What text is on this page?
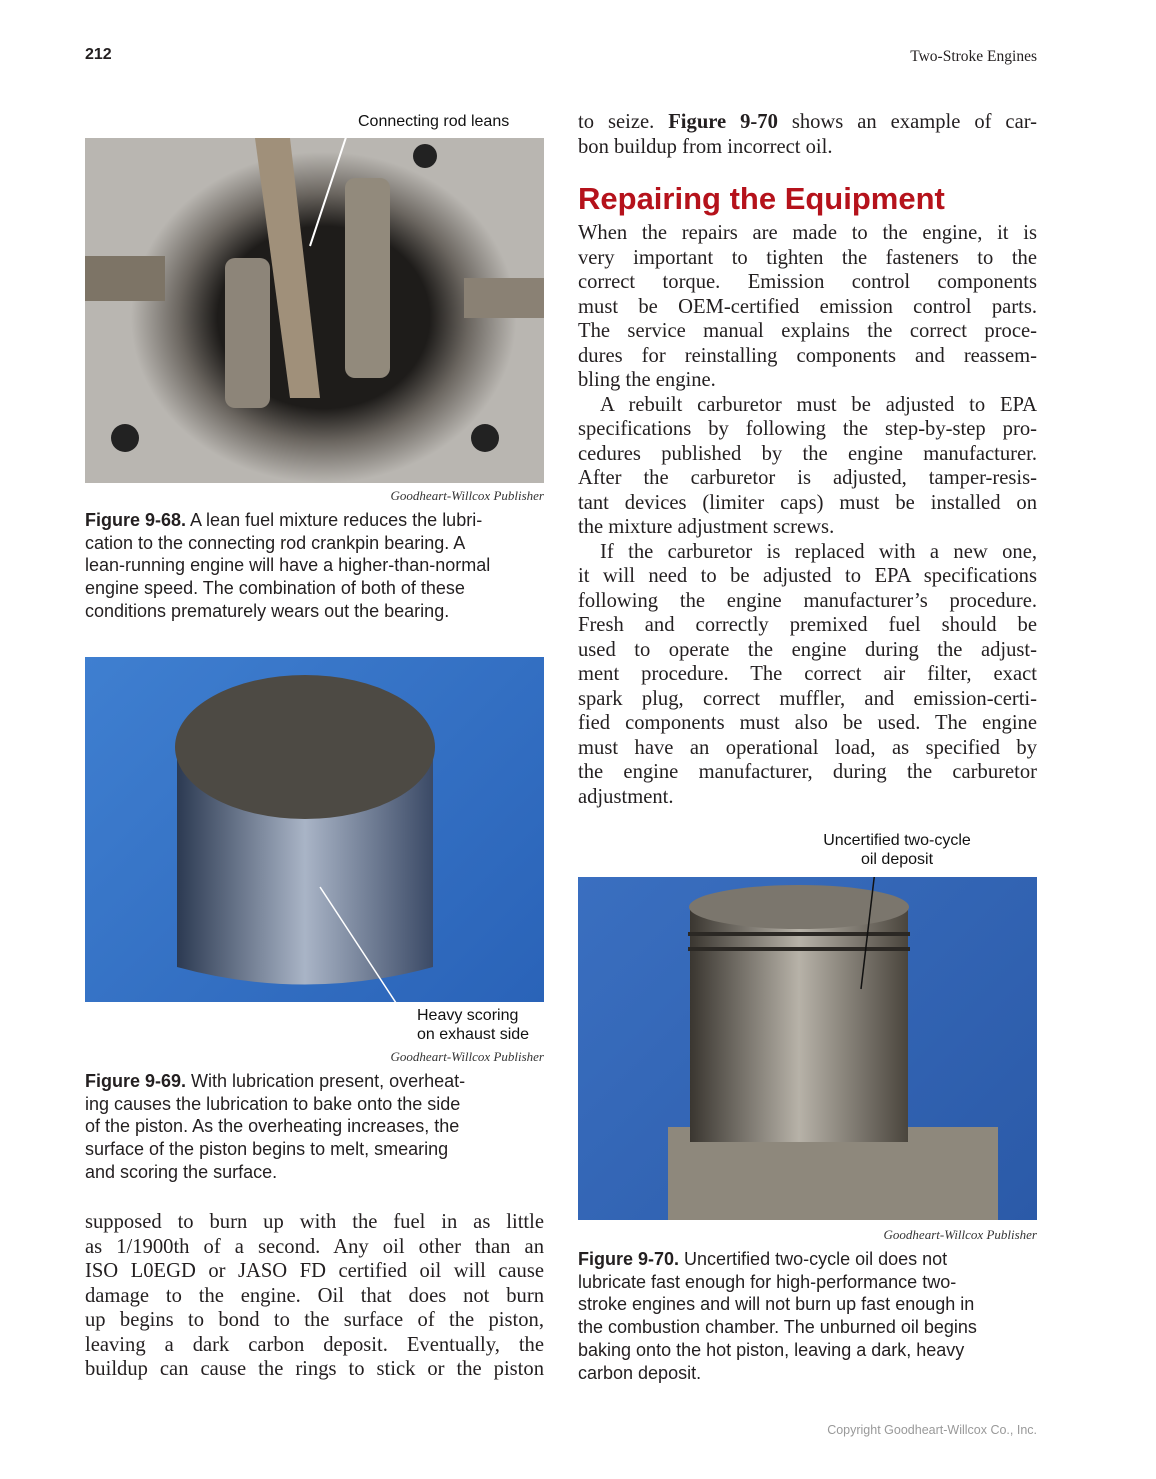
212	Two-Stroke Engines
Connecting rod leans
Goodheart-Willcox Publisher
Figure 9-68. A lean fuel mixture reduces the lubri-
cation to the connecting rod crankpin bearing. A
lean-running engine will have a higher-than-normal
engine speed. The combination of both of these
conditions prematurely wears out the bearing.
Heavy scoring
on exhaust side
Goodheart-Willcox Publisher
Figure 9-69. With lubrication present, overheat-
ing causes the lubrication to bake onto the side
of the piston. As the overheating increases, the
surface of the piston begins to melt, smearing
and scoring the surface.
supposed to burn up with the fuel in as little
as 1/1900th of a second. Any oil other than an
ISO L0EGD or JASO FD certified oil will cause
damage to the engine. Oil that does not burn
up begins to bond to the surface of the piston,
leaving a dark carbon deposit. Eventually, the
buildup can cause the rings to stick or the piston
to seize. Figure 9-70 shows an example of car-
bon buildup from incorrect oil.
Repairing the Equipment
When the repairs are made to the engine, it is
very important to tighten the fasteners to the
correct torque. Emission control components
must be OEM-certified emission control parts.
The service manual explains the correct proce-
dures for reinstalling components and reassem-
bling the engine.
A rebuilt carburetor must be adjusted to EPA
specifications by following the step-by-step pro-
cedures published by the engine manufacturer.
After the carburetor is adjusted, tamper-resis-
tant devices (limiter caps) must be installed on
the mixture adjustment screws.
If the carburetor is replaced with a new one,
it will need to be adjusted to EPA specifications
following the engine manufacturer’s procedure.
Fresh and correctly premixed fuel should be
used to operate the engine during the adjust-
ment procedure. The correct air filter, exact
spark plug, correct muffler, and emission-certi-
fied components must also be used. The engine
must have an operational load, as specified by
the engine manufacturer, during the carburetor
adjustment.
Uncertified two-cycle
oil deposit
Goodheart-Willcox Publisher
Figure 9-70. Uncertified two-cycle oil does not
lubricate fast enough for high-performance two-
stroke engines and will not burn up fast enough in
the combustion chamber. The unburned oil begins
baking onto the hot piston, leaving a dark, heavy
carbon deposit.
Copyright Goodheart-Willcox Co., Inc.
